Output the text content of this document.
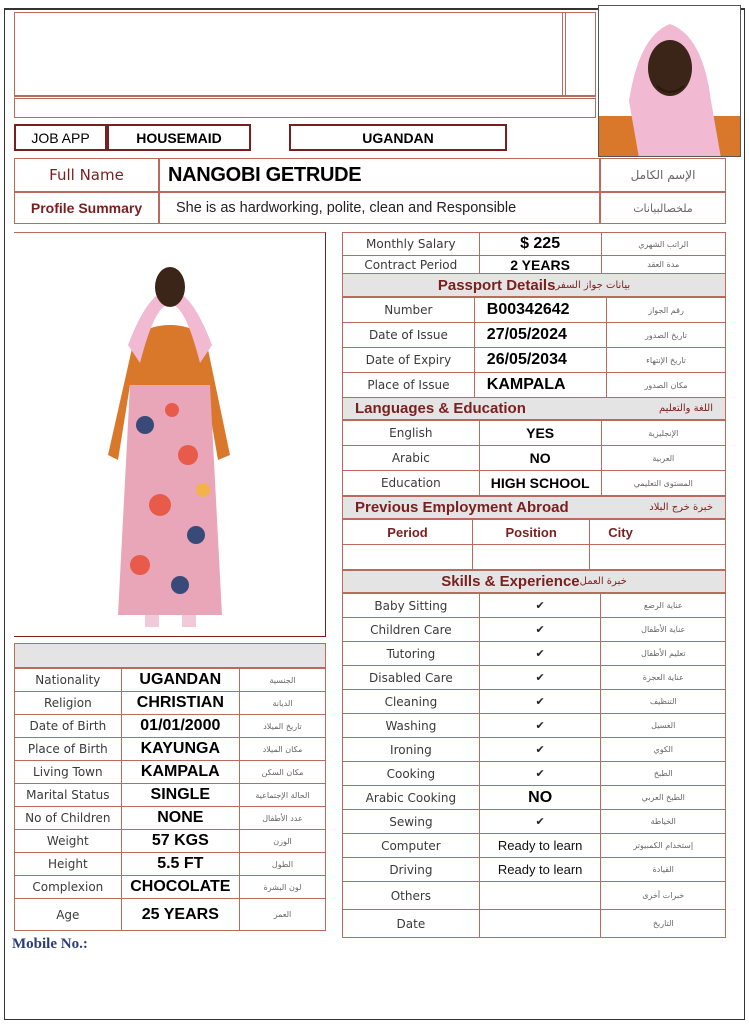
JOB APP	HOUSEMAID	UGANDAN
Full Name	NANGOBI GETRUDE	الإسم الكامل
Profile Summary	She is as hardworking, polite, clean and Responsible	ملخصالبيانات
Nationality	UGANDAN	الجنسية
Religion	CHRISTIAN	الديانة
Date of Birth	01/01/2000	تاريخ الميلاد
Place of Birth	KAYUNGA	مكان الميلاد
Living Town	KAMPALA	مكان السكن
Marital Status	SINGLE	الحالة الإجتماعية
No of Children	NONE	عدد الأطفال
Weight	57 KGS	الوزن
Height	5.5 FT	الطول
Complexion	CHOCOLATE	لون البشرة
Age	25 YEARS	العمر
Mobile No.:
Monthly Salary	$ 225	الراتب الشهري
Contract Period	2 YEARS	مدة العقد
Passport Details بيانات جواز السفر
Number	B00342642	رقم الجواز
Date of Issue	27/05/2024	تاريخ الصدور
Date of Expiry	26/05/2034	تاريخ الإنتهاء
Place of Issue	KAMPALA	مكان الصدور
Languages & Education	اللغة والتعليم
English	YES	الإنجليزية
Arabic	NO	العربية
Education	HIGH SCHOOL	المستوى التعليمي
Previous Employment Abroad	خبرة خرج البلاد
Period	Position	City

Skills & Experience خبرة العمل
Baby Sitting	✔	عناية الرضع
Children Care	✔	عناية الأطفال
Tutoring	✔	تعليم الأطفال
Disabled Care	✔	عناية العجزة
Cleaning	✔	التنظيف
Washing	✔	الغسيل
Ironing	✔	الكوي
Cooking	✔	الطبخ
Arabic Cooking	NO	الطبخ العربي
Sewing	✔	الخياطة
Computer	Ready to learn	إستخدام الكمبيوتر
Driving	Ready to learn	القيادة
Others		خبرات أخرى
Date		التاريخ
